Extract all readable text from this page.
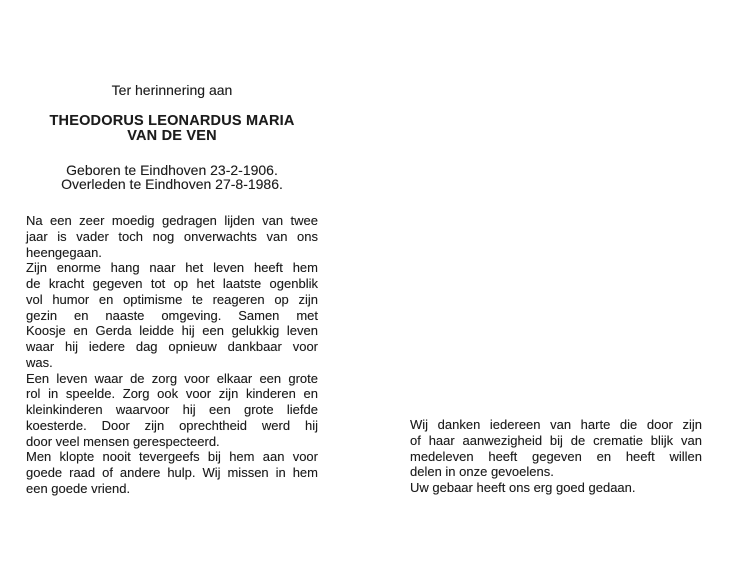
Ter herinnering aan
THEODORUS LEONARDUS MARIA
VAN DE VEN
Geboren te Eindhoven 23-2-1906.
Overleden te Eindhoven 27-8-1986.
Na een zeer moedig gedragen lijden van twee
jaar is vader toch nog onverwachts van ons
heengegaan.
Zijn enorme hang naar het leven heeft hem
de kracht gegeven tot op het laatste ogenblik
vol humor en optimisme te reageren op zijn
gezin en naaste omgeving. Samen met
Koosje en Gerda leidde hij een gelukkig leven
waar hij iedere dag opnieuw dankbaar voor
was.
Een leven waar de zorg voor elkaar een grote
rol in speelde. Zorg ook voor zijn kinderen en
kleinkinderen waarvoor hij een grote liefde
koesterde. Door zijn oprechtheid werd hij
door veel mensen gerespecteerd.
Men klopte nooit tevergeefs bij hem aan voor
goede raad of andere hulp. Wij missen in hem
een goede vriend.
Wij danken iedereen van harte die door zijn
of haar aanwezigheid bij de crematie blijk van
medeleven heeft gegeven en heeft willen
delen in onze gevoelens.
Uw gebaar heeft ons erg goed gedaan.
